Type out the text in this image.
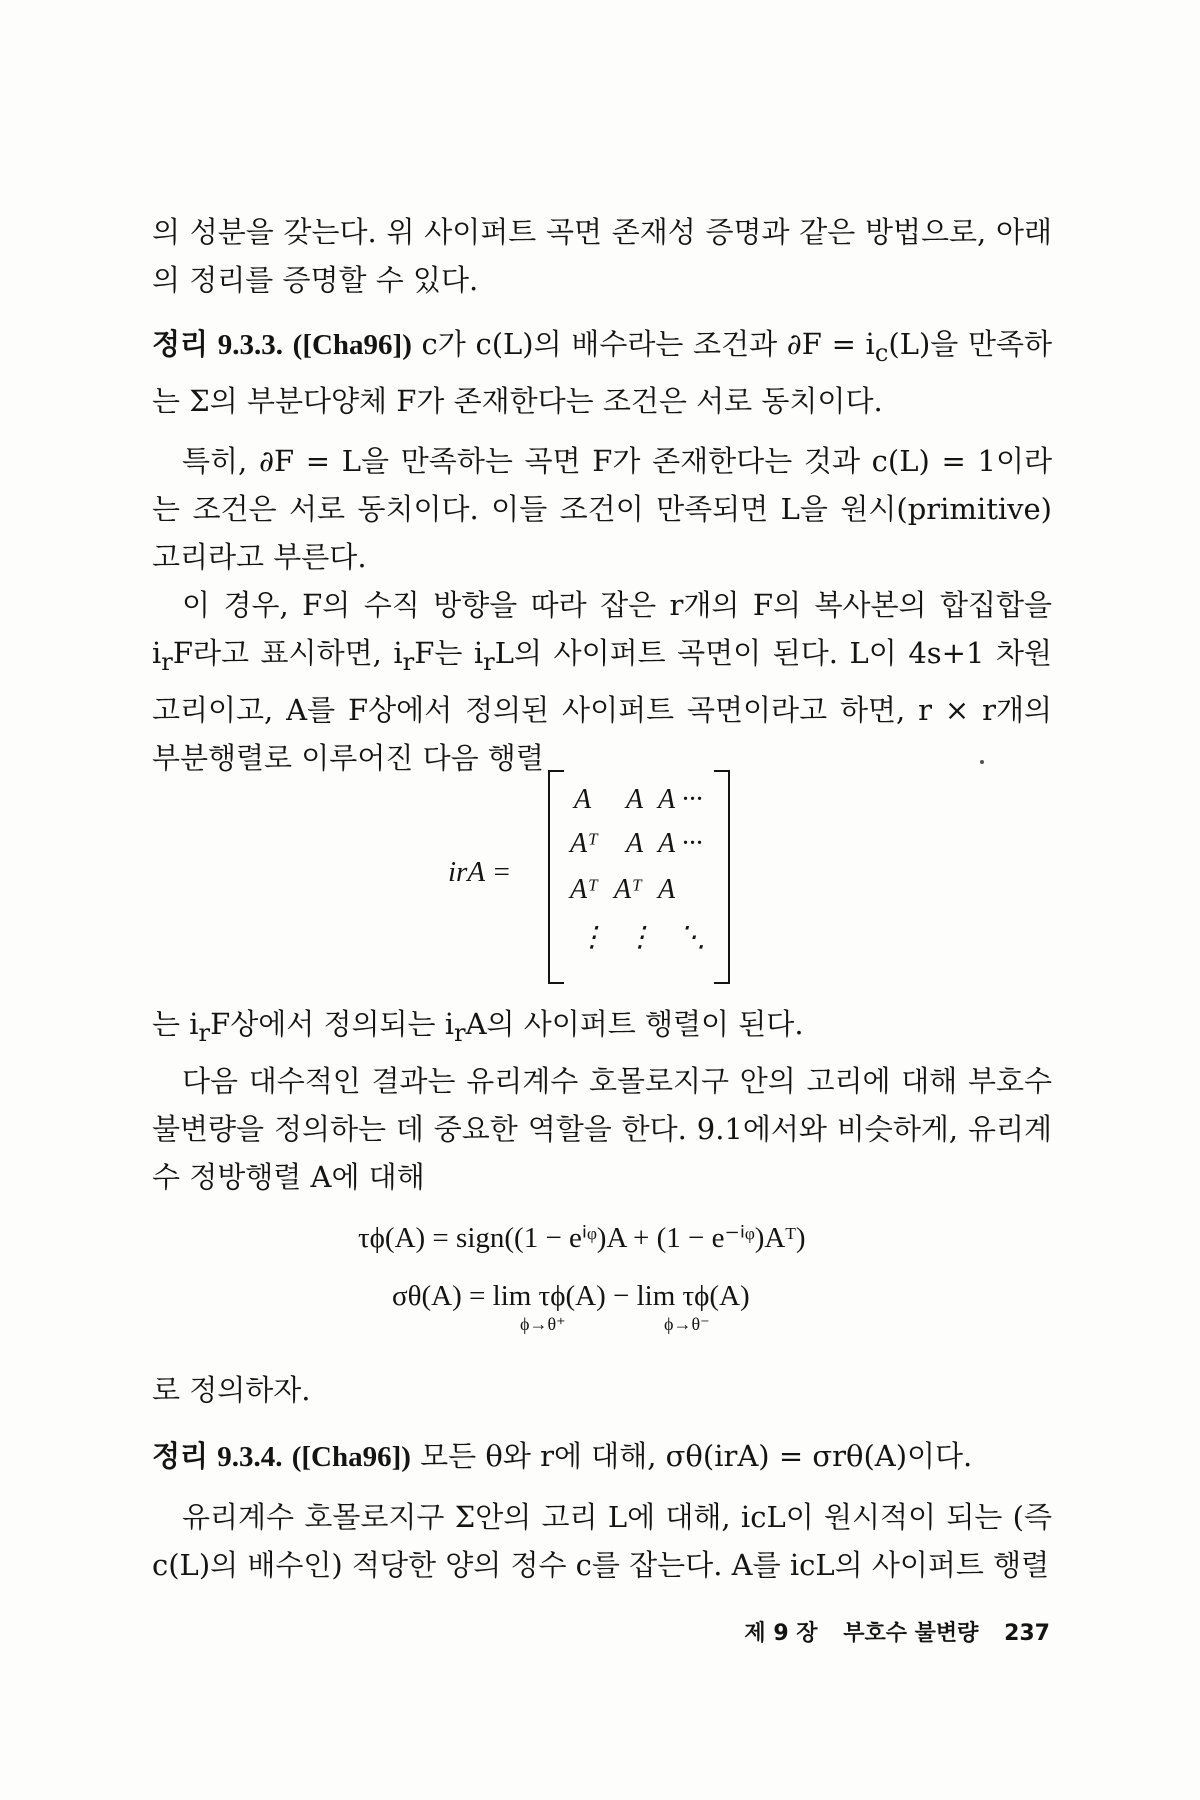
의 성분을 갖는다. 위 사이퍼트 곡면 존재성 증명과 같은 방법으로, 아래의 정리를 증명할 수 있다.

정리 9.3.3. ([Cha96]) c가 c(L)의 배수라는 조건과 $\partial F = i_c(L)$을 만족하는 Σ의 부분다양체 F가 존재한다는 조건은 서로 동치이다.

특히, ∂F = L을 만족하는 곡면 F가 존재한다는 것과 c(L) = 1이라는 조건은 서로 동치이다. 이들 조건이 만족되면 L을 원시(primitive) 고리라고 부른다.

이 경우, F의 수직 방향을 따라 잡은 r개의 F의 복사본의 합집합을 $i_rF$라고 표시하면, $i_rF$는 $i_rL$의 사이퍼트 곡면이 된다. L이 4s+1 차원 고리이고, A를 F상에서 정의된 사이퍼트 곡면이라고 하면, r × r개의 부분행렬로 이루어진 다음 행렬

irA =
A A A ···
Aᵀ A A ···
Aᵀ Aᵀ A
⋮ ⋮ ⋱

는 $i_rF$상에서 정의되는 $i_rA$의 사이퍼트 행렬이 된다.

다음 대수적인 결과는 유리계수 호몰로지구 안의 고리에 대해 부호수 불변량을 정의하는 데 중요한 역할을 한다. 9.1에서와 비슷하게, 유리계수 정방행렬 A에 대해

τϕ(A) = sign((1 − eⁱᵠ)A + (1 − e⁻ⁱᵠ)Aᵀ)
σθ(A) = lim τϕ(A) − lim τϕ(A)
ϕ→θ⁺	ϕ→θ⁻

로 정의하자.

정리 9.3.4. ([Cha96]) 모든 θ와 r에 대해, σθ(irA) = σrθ(A)이다.

유리계수 호몰로지구 Σ안의 고리 L에 대해, icL이 원시적이 되는 (즉 c(L)의 배수인) 적당한 양의 정수 c를 잡는다. A를 icL의 사이퍼트 행렬

제 9 장 부호수 불변량 237
